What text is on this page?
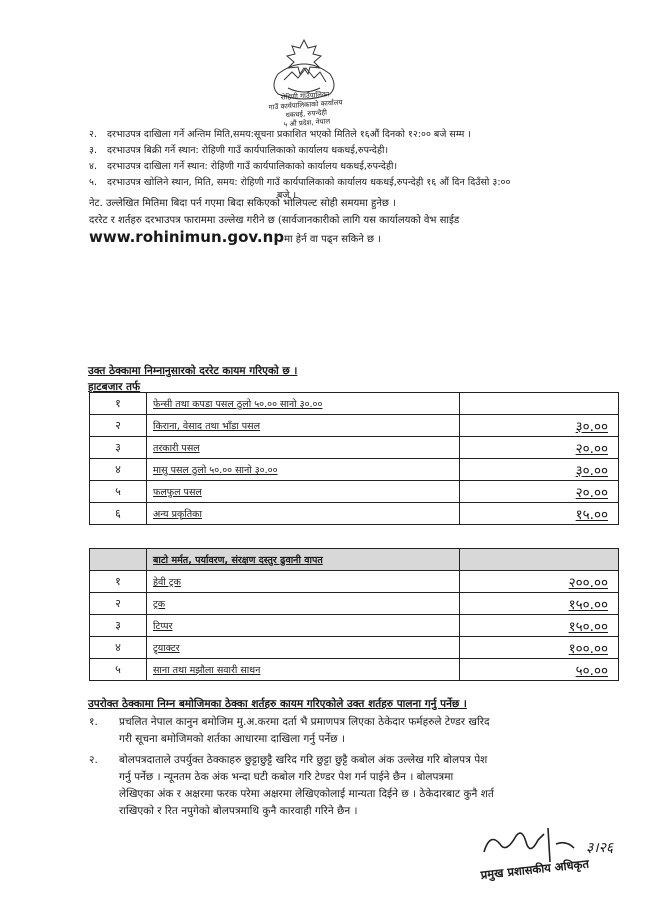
रोहिणी गाउँपालिका
गाउँ कार्यपालिकाको कार्यालय
धकधई, रुपन्देही
५ औं प्रदेश, नेपाल
२.	दरभाउपत्र दाखिला गर्ने अन्तिम मिति,समय:सूचना प्रकाशित भएको मितिले १६औं दिनको १२:०० बजे सम्म ।
३.	दरभाउपत्र बिक्री गर्ने स्थान: रोहिणी गाउँ कार्यपालिकाको कार्यालय धकधई,रुपन्देही।
४.	दरभाउपत्र दाखिला गर्ने स्थान: रोहिणी गाउँ कार्यपालिकाको कार्यालय धकधई,रुपन्देही।
५.	दरभाउपत्र खोलिने स्थान, मिति, समय: रोहिणी गाउँ कार्यपालिकाको कार्यालय धकधई,रुपन्देही १६ औं दिन दिउँसो ३:००
बजे ।
नेट. उल्लेखित मितिमा बिदा पर्न गएमा बिदा सकिएको भोलिपल्ट सोही समयमा हुनेछ ।
दररेट र शर्तहरु दरभाउपत्र फाराममा उल्लेख गरीने छ (सार्वजानकारीको लागि यस कार्यालयको वेभ साईड
www.rohinimun.gov.np मा हेर्न वा पढ्न सकिने छ ।
उक्त ठेक्कामा निम्नानुसारको दररेट कायम गरिएको छ ।
हाटबजार तर्फ
१	फेन्सी तथा कपडा पसल ठुलो ५०.०० सानो ३०.००	
२	किराना, वेसाद तथा भाँडा पसल	३०.००
३	तरकारी पसल	२०.००
४	मासु पसल ठुलो ५०.०० सानो ३०.००	३०.००
५	फलफुल पसल	२०.००
६	अन्य प्रकृतिका	१५.००
	बाटो मर्मत, पर्यावरण, संरक्षण दस्तुर ढुवानी वापत	
१	हेवी ट्रक	२००.००
२	ट्रक	१५०.००
३	टिप्पर	१५०.००
४	ट्र्याक्टर	१००.००
५	साना तथा मझौला सवारी साधन	५०.००
उपरोक्त ठेक्कामा निम्न बमोजिमका ठेक्का शर्तहरु कायम गरिएकोले उक्त शर्तहरु पालना गर्नु पर्नेछ ।
१.	प्रचलित नेपाल कानुन बमोजिम मु.अ.करमा दर्ता भै प्रमाणपत्र लिएका ठेकेदार फर्महरुले टेण्डर खरिद
गरी सूचना बमोजिमको शर्तका आधारमा दाखिला गर्नु पर्नेछ ।
२.	बोलपत्रदाताले उपर्युक्त ठेक्काहरु छुट्टाछुट्टै खरिद गरि छुट्टा छुट्टै कबोल अंक उल्लेख गरि बोलपत्र पेश
गर्नु पर्नेछ । न्यूनतम ठेक अंक भन्दा घटी कबोल गरि टेण्डर पेश गर्न पाईने छैन । बोलपत्रमा
लेखिएका अंक र अक्षरमा फरक परेमा अक्षरमा लेखिएकोलाई मान्यता दिईने छ । ठेकेदारबाट कुनै शर्त
राखिएको र रित नपुगेको बोलपत्रमाथि कुनै कारवाही गरिने छैन ।
३।२६
प्रमुख प्रशासकीय अधिकृत
